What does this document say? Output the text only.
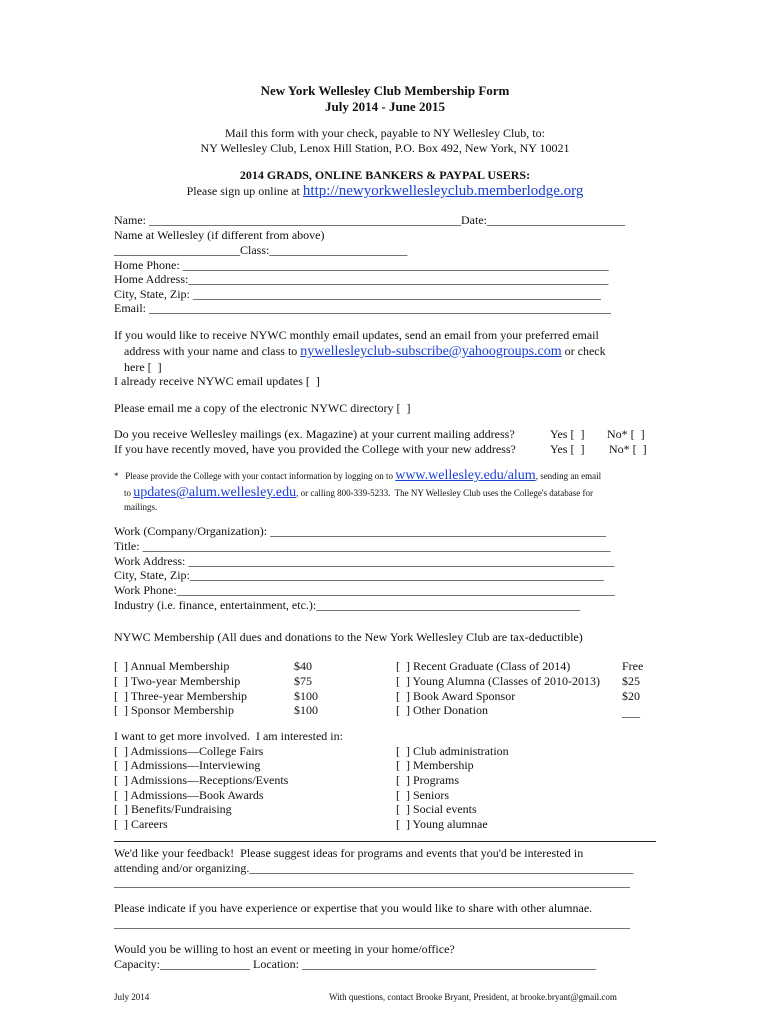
New York Wellesley Club Membership Form
July 2014 - June 2015
Mail this form with your check, payable to NY Wellesley Club, to:
NY Wellesley Club, Lenox Hill Station, P.O. Box 492, New York, NY 10021
2014 GRADS, ONLINE BANKERS & PAYPAL USERS:
Please sign up online at http://newyorkwellesleyclub.memberlodge.org
Name: ____________________________________________________Date:_______________________
Name at Wellesley (if different from above)
_____________________Class:_______________________
Home Phone: _______________________________________________________________________
Home Address:______________________________________________________________________
City, State, Zip: ____________________________________________________________________
Email: _____________________________________________________________________________
If you would like to receive NYWC monthly email updates, send an email from your preferred email
address with your name and class to nywellesleyclub-subscribe@yahoogroups.com or check
here [  ]
I already receive NYWC email updates [  ]
Please email me a copy of the electronic NYWC directory [  ]
Do you receive Wellesley mailings (ex. Magazine) at your current mailing address?	Yes [  ] No* [  ]
If you have recently moved, have you provided the College with your new address?	Yes [  ] No* [  ]
*   Please provide the College with your contact information by logging on to www.wellesley.edu/alum, sending an email
to updates@alum.wellesley.edu, or calling 800-339-5233.  The NY Wellesley Club uses the College's database for
mailings.
Work (Company/Organization): ________________________________________________________
Title: ______________________________________________________________________________
Work Address: _______________________________________________________________________
City, State, Zip:_____________________________________________________________________
Work Phone:_________________________________________________________________________
Industry (i.e. finance, entertainment, etc.):____________________________________________
NYWC Membership (All dues and donations to the New York Wellesley Club are tax-deductible)
[  ] Annual Membership	$40
[  ] Two-year Membership	$75
[  ] Three-year Membership	$100
[  ] Sponsor Membership	$100
[  ] Recent Graduate (Class of 2014)	Free
[  ] Young Alumna (Classes of 2010-2013) $25
[  ] Book Award Sponsor	$20
[  ] Other Donation	___
I want to get more involved.  I am interested in:
[  ] Admissions—College Fairs
[  ] Admissions—Interviewing
[  ] Admissions—Receptions/Events
[  ] Admissions—Book Awards
[  ] Benefits/Fundraising
[  ] Careers
[  ] Club administration
[  ] Membership
[  ] Programs
[  ] Seniors
[  ] Social events
[  ] Young alumnae
We'd like your feedback!  Please suggest ideas for programs and events that you'd be interested in
attending and/or organizing.________________________________________________________________
______________________________________________________________________________________
Please indicate if you have experience or expertise that you would like to share with other alumnae.
______________________________________________________________________________________
Would you be willing to host an event or meeting in your home/office?
Capacity:_______________ Location: _________________________________________________
July 2014	With questions, contact Brooke Bryant, President, at brooke.bryant@gmail.com
